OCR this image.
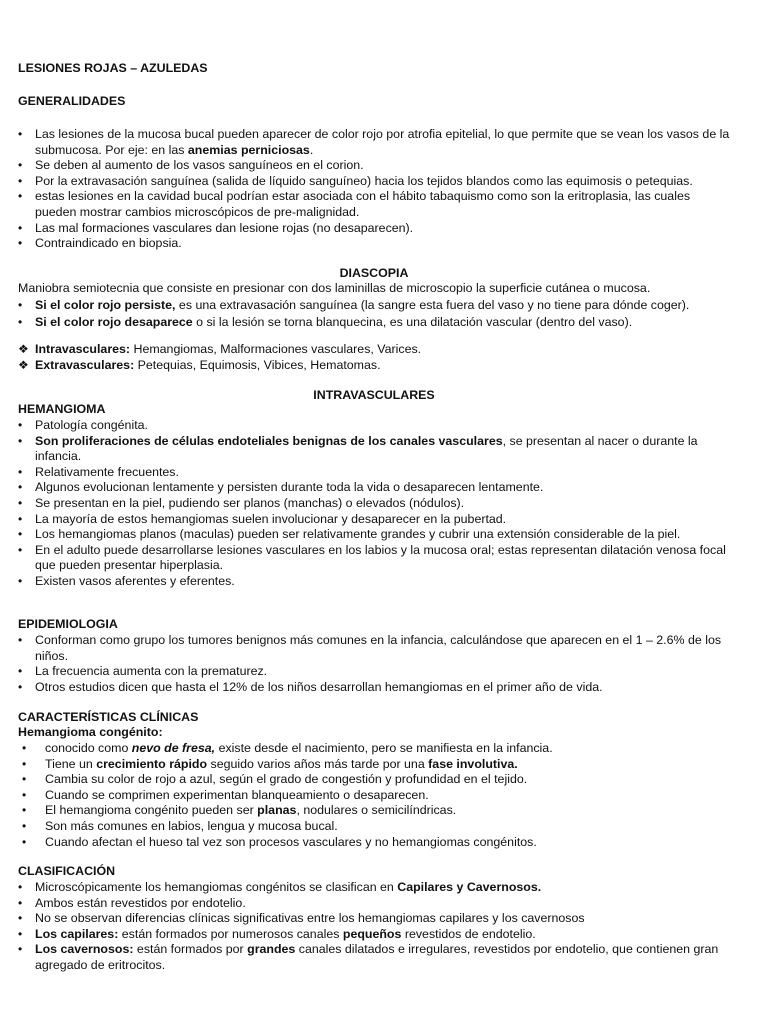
LESIONES ROJAS – AZULEDAS
GENERALIDADES
• Las lesiones de la mucosa bucal pueden aparecer de color rojo por atrofia epitelial, lo que permite que se vean los vasos de la submucosa. Por eje: en las anemias perniciosas.
• Se deben al aumento de los vasos sanguíneos en el corion.
• Por la extravasación sanguínea (salida de líquido sanguíneo) hacia los tejidos blandos como las equimosis o petequias.
• estas lesiones en la cavidad bucal podrían estar asociada con el hábito tabaquismo como son la eritroplasia, las cuales pueden mostrar cambios microscópicos de pre-malignidad.
• Las mal formaciones vasculares dan lesione rojas (no desaparecen).
• Contraindicado en biopsia.
DIASCOPIA
Maniobra semiotecnia que consiste en presionar con dos laminillas de microscopio la superficie cutánea o mucosa.
• Si el color rojo persiste, es una extravasación sanguínea (la sangre esta fuera del vaso y no tiene para dónde coger).
• Si el color rojo desaparece o si la lesión se torna blanquecina, es una dilatación vascular (dentro del vaso).
❖ Intravasculares: Hemangiomas, Malformaciones vasculares, Varices.
❖ Extravasculares: Petequias, Equimosis, Vibices, Hematomas.
INTRAVASCULARES
HEMANGIOMA
• Patología congénita.
• Son proliferaciones de células endoteliales benignas de los canales vasculares, se presentan al nacer o durante la infancia.
• Relativamente frecuentes.
• Algunos evolucionan lentamente y persisten durante toda la vida o desaparecen lentamente.
• Se presentan en la piel, pudiendo ser planos (manchas) o elevados (nódulos).
• La mayoría de estos hemangiomas suelen involucionar y desaparecer en la pubertad.
• Los hemangiomas planos (maculas) pueden ser relativamente grandes y cubrir una extensión considerable de la piel.
• En el adulto puede desarrollarse lesiones vasculares en los labios y la mucosa oral; estas representan dilatación venosa focal que pueden presentar hiperplasia.
• Existen vasos aferentes y eferentes.
EPIDEMIOLOGIA
• Conforman como grupo los tumores benignos más comunes en la infancia, calculándose que aparecen en el 1 – 2.6% de los niños.
• La frecuencia aumenta con la prematurez.
• Otros estudios dicen que hasta el 12% de los niños desarrollan hemangiomas en el primer año de vida.
CARACTERÍSTICAS CLÍNICAS
Hemangioma congénito:
• conocido como nevo de fresa, existe desde el nacimiento, pero se manifiesta en la infancia.
• Tiene un crecimiento rápido seguido varios años más tarde por una fase involutiva.
• Cambia su color de rojo a azul, según el grado de congestión y profundidad en el tejido.
• Cuando se comprimen experimentan blanqueamiento o desaparecen.
• El hemangioma congénito pueden ser planas, nodulares o semicilíndricas.
• Son más comunes en labios, lengua y mucosa bucal.
• Cuando afectan el hueso tal vez son procesos vasculares y no hemangiomas congénitos.
CLASIFICACIÓN
• Microscópicamente los hemangiomas congénitos se clasifican en Capilares y Cavernosos.
• Ambos están revestidos por endotelio.
• No se observan diferencias clínicas significativas entre los hemangiomas capilares y los cavernosos
• Los capilares: están formados por numerosos canales pequeños revestidos de endotelio.
• Los cavernosos: están formados por grandes canales dilatados e irregulares, revestidos por endotelio, que contienen gran agregado de eritrocitos.
